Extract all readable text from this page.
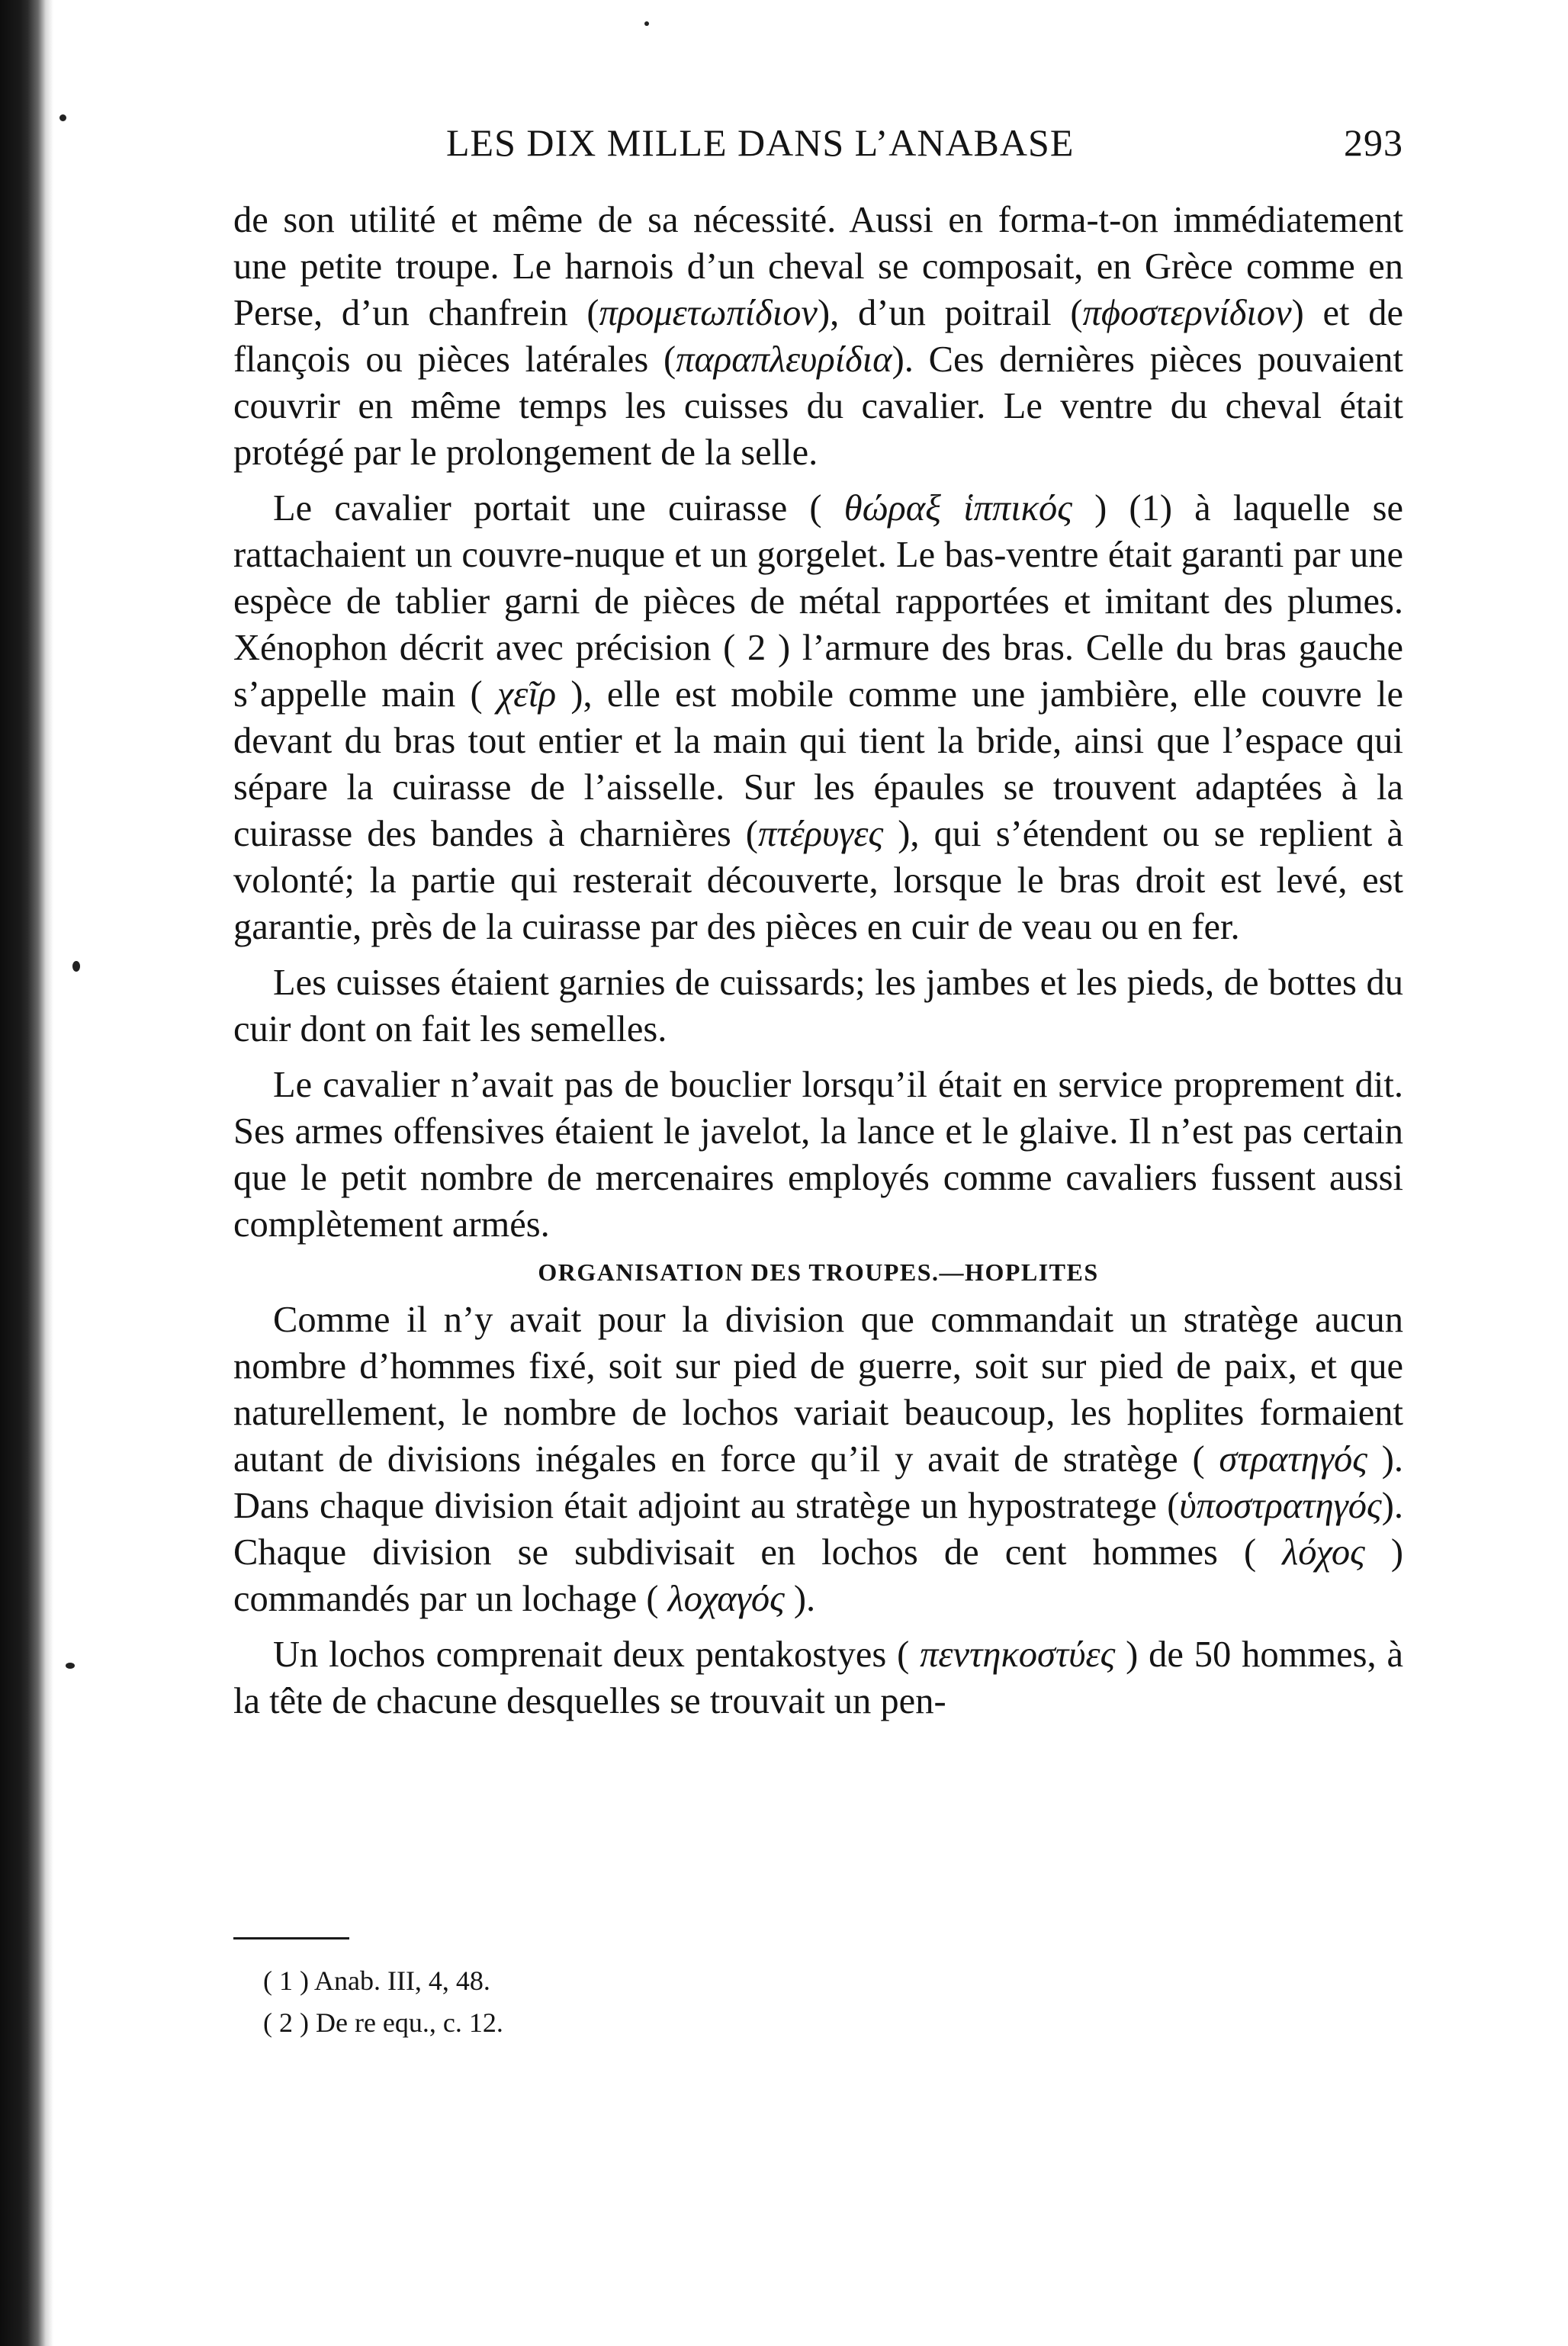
LES DIX MILLE DANS L’ANABASE	293

de son utilité et même de sa nécessité. Aussi en forma-t-on immédiatement une petite troupe. Le harnois d’un cheval se composait, en Grèce comme en Perse, d’un chanfrein (προμετωπίδιον), d’un poitrail (πϕοστερνίδιον) et de flançois ou pièces latérales (παραπλευρίδια). Ces dernières pièces pouvaient couvrir en même temps les cuisses du cavalier. Le ventre du cheval était protégé par le prolongement de la selle.

Le cavalier portait une cuirasse ( θώραξ ἱππικός ) (1) à laquelle se rattachaient un couvre-nuque et un gorgelet. Le bas-ventre était garanti par une espèce de tablier garni de pièces de métal rapportées et imitant des plumes. Xénophon décrit avec précision ( 2 ) l’armure des bras. Celle du bras gauche s’appelle main ( χεῖρ ), elle est mobile comme une jambière, elle couvre le devant du bras tout entier et la main qui tient la bride, ainsi que l’espace qui sépare la cuirasse de l’aisselle. Sur les épaules se trouvent adaptées à la cuirasse des bandes à charnières (πτέρυγες ), qui s’étendent ou se replient à volonté; la partie qui resterait découverte, lorsque le bras droit est levé, est garantie, près de la cuirasse par des pièces en cuir de veau ou en fer.

Les cuisses étaient garnies de cuissards; les jambes et les pieds, de bottes du cuir dont on fait les semelles.

Le cavalier n’avait pas de bouclier lorsqu’il était en service proprement dit. Ses armes offensives étaient le javelot, la lance et le glaive. Il n’est pas certain que le petit nombre de mercenaires employés comme cavaliers fussent aussi complètement armés.

ORGANISATION DES TROUPES.—HOPLITES

Comme il n’y avait pour la division que commandait un stratège aucun nombre d’hommes fixé, soit sur pied de guerre, soit sur pied de paix, et que naturellement, le nombre de lochos variait beaucoup, les hoplites formaient autant de divisions inégales en force qu’il y avait de stratège ( στρατηγός ). Dans chaque division était adjoint au stratège un hypostratege (ὑποστρατηγός). Chaque division se subdivisait en lochos de cent hommes ( λόχος ) commandés par un lochage ( λοχαγός ).

Un lochos comprenait deux pentakostyes ( πεντηκοστύες ) de 50 hommes, à la tête de chacune desquelles se trouvait un pen-

( 1 ) Anab. III, 4, 48.
( 2 ) De re equ., c. 12.
